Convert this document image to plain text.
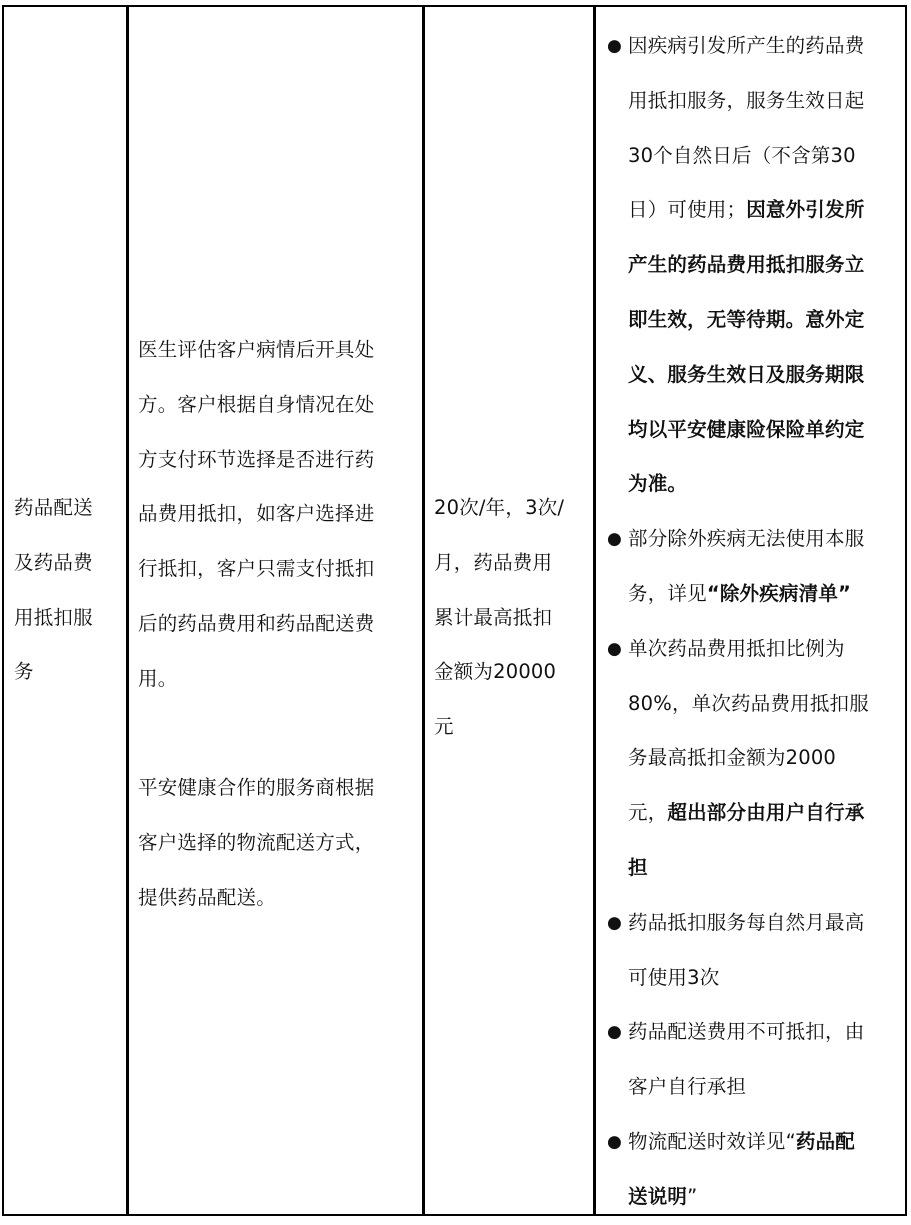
药品配送
及药品费
用抵扣服
务
医生评估客户病情后开具处
方。客户根据自身情况在处
方支付环节选择是否进行药
品费用抵扣，如客户选择进
行抵扣，客户只需支付抵扣
后的药品费用和药品配送费
用。
平安健康合作的服务商根据
客户选择的物流配送方式，
提供药品配送。
20次/年，3次/
月，药品费用
累计最高抵扣
金额为20000
元
● 因疾病引发所产生的药品费
用抵扣服务，服务生效日起
30个自然日后（不含第30
日）可使用；因意外引发所
产生的药品费用抵扣服务立
即生效，无等待期。意外定
义、服务生效日及服务期限
均以平安健康险保险单约定
为准。
● 部分除外疾病无法使用本服
务，详见“除外疾病清单”
● 单次药品费用抵扣比例为
80%，单次药品费用抵扣服
务最高抵扣金额为2000
元，超出部分由用户自行承
担
● 药品抵扣服务每自然月最高
可使用3次
● 药品配送费用不可抵扣，由
客户自行承担
● 物流配送时效详见“药品配
送说明”
